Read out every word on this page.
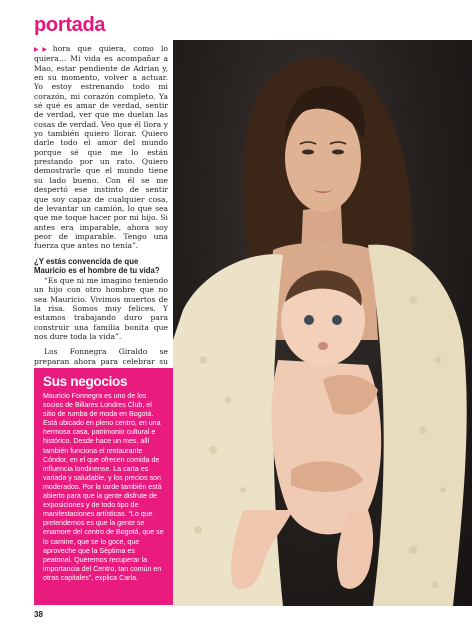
portada

▶▶ hora que quiera, como lo quiera… Mi vida es acompañar a Mao, estar pendiente de Adrian y, en su momento, volver a actuar. Yo estoy estrenando todo mi corazón, mi corazón completo. Ya sé qué es amar de verdad, sentir de verdad, ver que me duelan las cosas de verdad. Veo que él llora y yo también quiero llorar. Quiero darle todo el amor del mundo porque sé que me lo están prestando por un rato. Quiero demostrarle que el mundo tiene su lado bueno. Con él se me despertó ese instinto de sentir que soy capaz de cualquier cosa, de levantar un camión, lo que sea que me toque hacer por mi hijo. Si antes era imparable, ahora soy peor de imparable. Tengo una fuerza que antes no tenía”.

¿Y estás convencida de que Mauricio es el hombre de tu vida?

“Es que ni me imagino teniendo un hijo con otro hombre que no sea Mauricio. Vivimos muertos de la risa. Somos muy felices. Y estamos trabajando duro para construir una familia bonita que nos dure toda la vida”.

Los Fonnegra Giraldo se preparan ahora para celebrar su

Sus negocios

Mauricio Fonnegra es uno de los socios de Billares Londres Club, el sitio de rumba de moda en Bogotá. Está ubicado en pleno centro, en una hermosa casa, patrimonio cultural e histórico. Desde hace un mes, allí también funciona el restaurante Cóndor, en el que ofrecen comida de influencia londinense. La carta es variada y saludable, y los precios son moderados. Por la tarde también está abierto para que la gente disfrute de exposiciones y de todo tipo de manifestaciones artísticas. “Lo que pretendemos es que la gente se enamore del centro de Bogotá, que se lo camine, que se lo goce, que aproveche que la Séptima es peatonal. Queremos recuperar la importancia del Centro, tan común en otras capitales”, explica Carla.

38
